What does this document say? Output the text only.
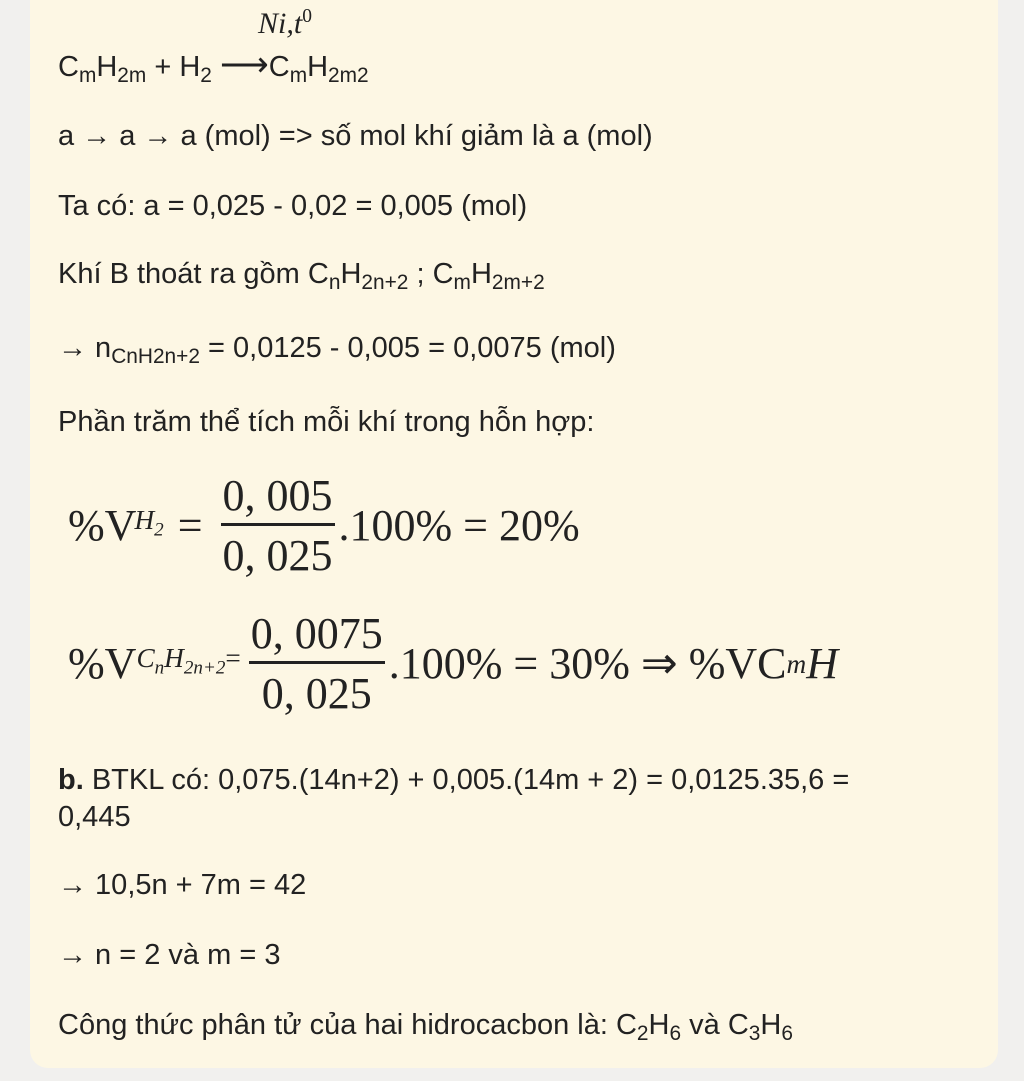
$Ni,t^0$
$C_mH_{2m} + H_2$ $⟶C_mH_{2m2}$
a → a → a (mol) => số mol khí giảm là a (mol)
Ta có: a = 0,025 - 0,02 = 0,005 (mol)
Khí B thoát ra gồm $C_nH_{2n+2}$ ; $C_mH_{2m+2}$
→ $n_{CnH2n+2} = 0,0125 - 0,005 = 0,0075$ (mol)
Phần trăm thể tích mỗi khí trong hỗn hợp:
%V
$H_2 = \frac{0, 005}{0, 025} .100\% = 20\%$
%V $C_nH_{2n+2}= \frac{0, 0075}{0, 025} .100\% = 30\%$ ⇒ %VC m H
b. BTKL có: 0,075.(14n+2) + 0,005.(14m + 2) = 0,0125.35,6 =
0,445
→ 10,5n + 7m = 42
→ n = 2 và m = 3
Công thức phân tử của hai hidrocacbon là: $C_2H_6$ và $C_3H_6$
